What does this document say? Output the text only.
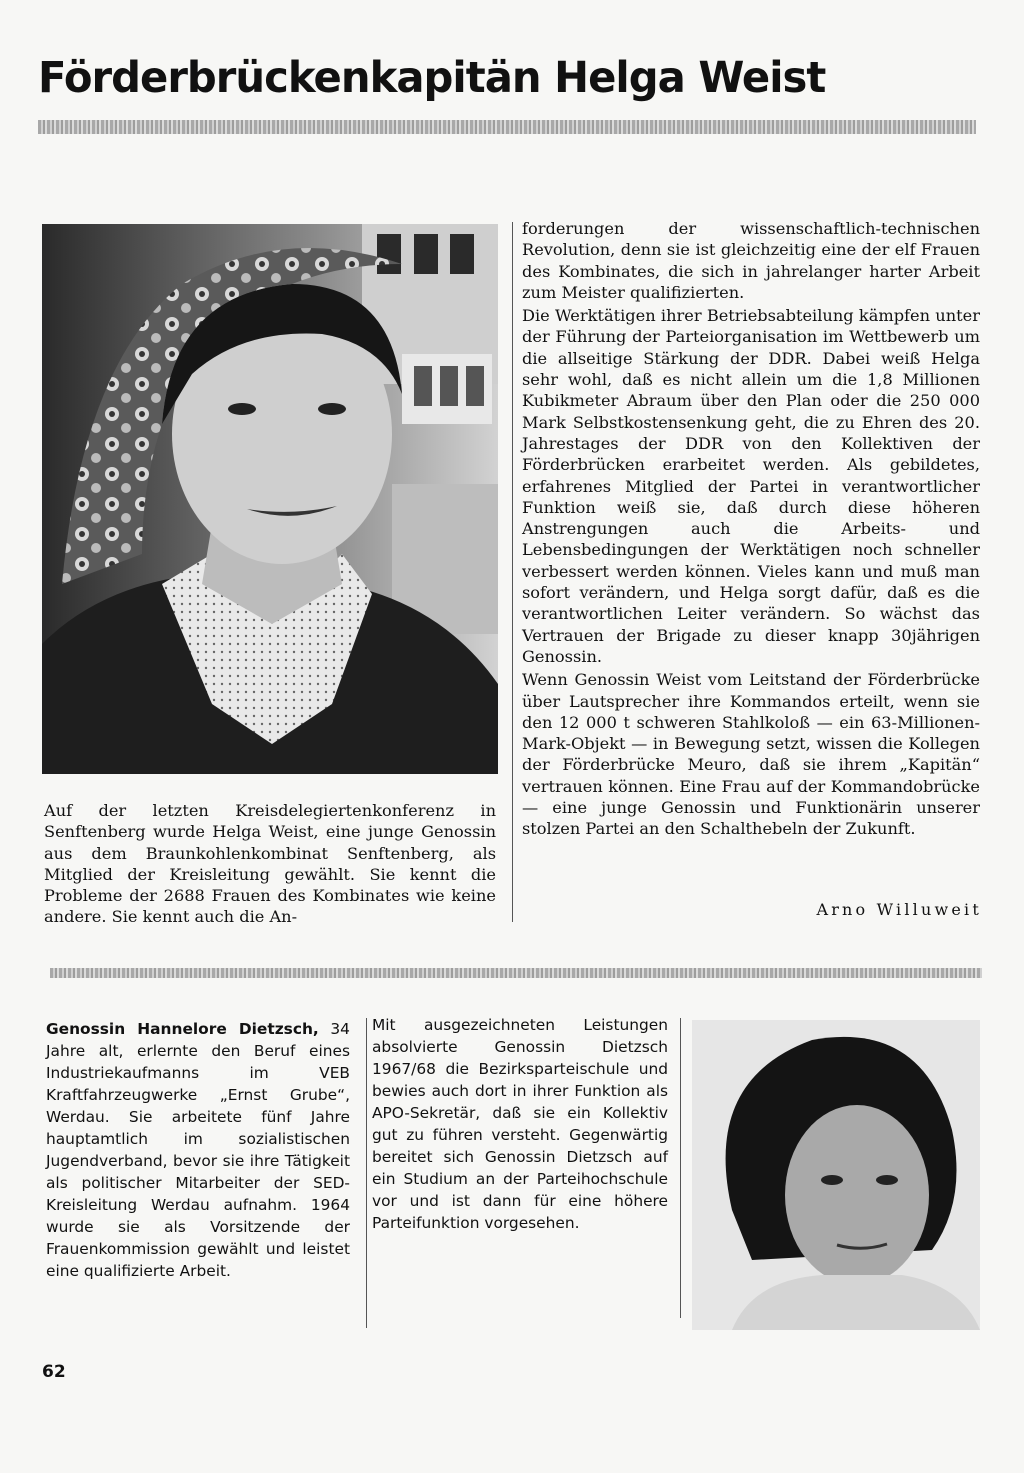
Förderbrückenkapitän Helga Weist

Auf der letzten Kreisdelegiertenkonferenz in Senftenberg wurde Helga Weist, eine junge Genossin aus dem Braunkohlenkombinat Senftenberg, als Mitglied der Kreisleitung gewählt. Sie kennt die Probleme der 2688 Frauen des Kombinates wie keine andere. Sie kennt auch die An-

forderungen der wissenschaftlich-technischen Revolution, denn sie ist gleichzeitig eine der elf Frauen des Kombinates, die sich in jahrelanger harter Arbeit zum Meister qualifizierten.

Die Werktätigen ihrer Betriebsabteilung kämpfen unter der Führung der Parteiorganisation im Wettbewerb um die allseitige Stärkung der DDR. Dabei weiß Helga sehr wohl, daß es nicht allein um die 1,8 Millionen Kubikmeter Abraum über den Plan oder die 250 000 Mark Selbstkostensenkung geht, die zu Ehren des 20. Jahrestages der DDR von den Kollektiven der Förderbrücken erarbeitet werden. Als gebildetes, erfahrenes Mitglied der Partei in verantwortlicher Funktion weiß sie, daß durch diese höheren Anstrengungen auch die Arbeits- und Lebensbedingungen der Werktätigen noch schneller verbessert werden können. Vieles kann und muß man sofort verändern, und Helga sorgt dafür, daß es die verantwortlichen Leiter verändern. So wächst das Vertrauen der Brigade zu dieser knapp 30jährigen Genossin.

Wenn Genossin Weist vom Leitstand der Förderbrücke über Lautsprecher ihre Kommandos erteilt, wenn sie den 12 000 t schweren Stahlkoloß — ein 63-Millionen-Mark-Objekt — in Bewegung setzt, wissen die Kollegen der Förderbrücke Meuro, daß sie ihrem „Kapitän“ vertrauen können. Eine Frau auf der Kommandobrücke — eine junge Genossin und Funktionärin unserer stolzen Partei an den Schalthebeln der Zukunft.

Arno Willuweit
Genossin Hannelore Dietzsch, 34 Jahre alt, erlernte den Beruf eines Industriekaufmanns im VEB Kraftfahrzeugwerke „Ernst Grube“, Werdau. Sie arbeitete fünf Jahre hauptamtlich im sozialistischen Jugendverband, bevor sie ihre Tätigkeit als politischer Mitarbeiter der SED-Kreisleitung Werdau aufnahm. 1964 wurde sie als Vorsitzende der Frauenkommission gewählt und leistet eine qualifizierte Arbeit.
Mit ausgezeichneten Leistungen absolvierte Genossin Dietzsch 1967/68 die Bezirksparteischule und bewies auch dort in ihrer Funktion als APO-Sekretär, daß sie ein Kollektiv gut zu führen versteht. Gegenwärtig bereitet sich Genossin Dietzsch auf ein Studium an der Parteihochschule vor und ist dann für eine höhere Parteifunktion vorgesehen.
62
